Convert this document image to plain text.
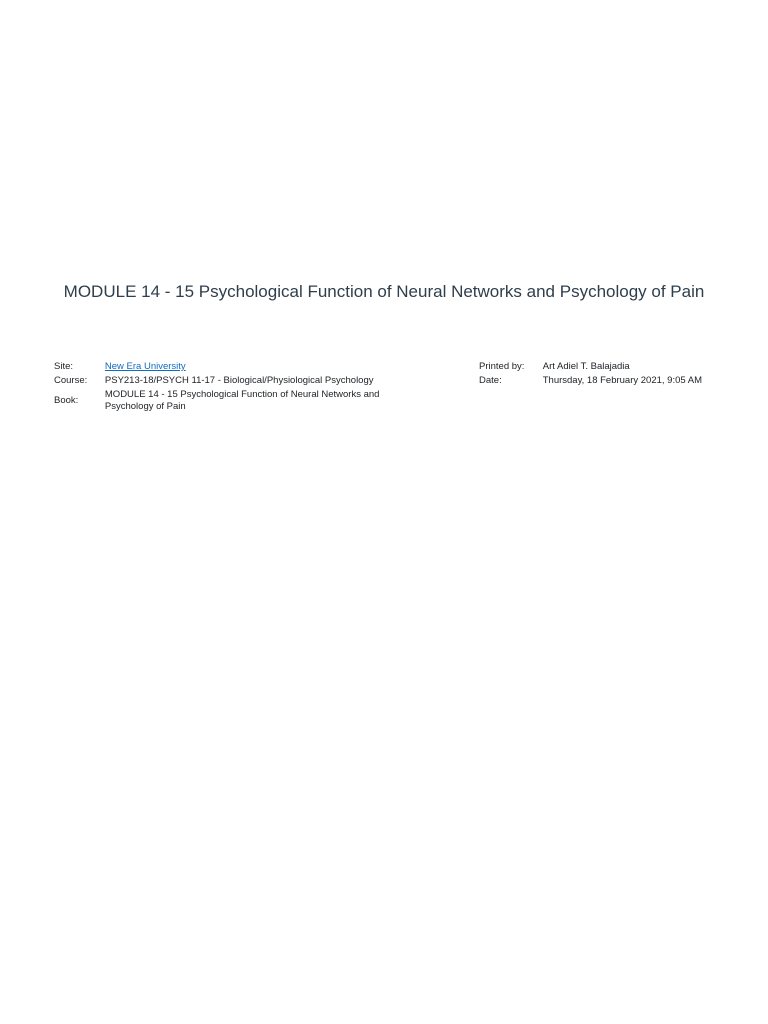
MODULE 14 - 15 Psychological Function of Neural Networks and Psychology of Pain
Site:	New Era University
Course:	PSY213-18/PSYCH 11-17 - Biological/Physiological Psychology
Book:	MODULE 14 - 15 Psychological Function of Neural Networks and Psychology of Pain
Printed by:	Art Adiel T. Balajadia
Date:	Thursday, 18 February 2021, 9:05 AM
